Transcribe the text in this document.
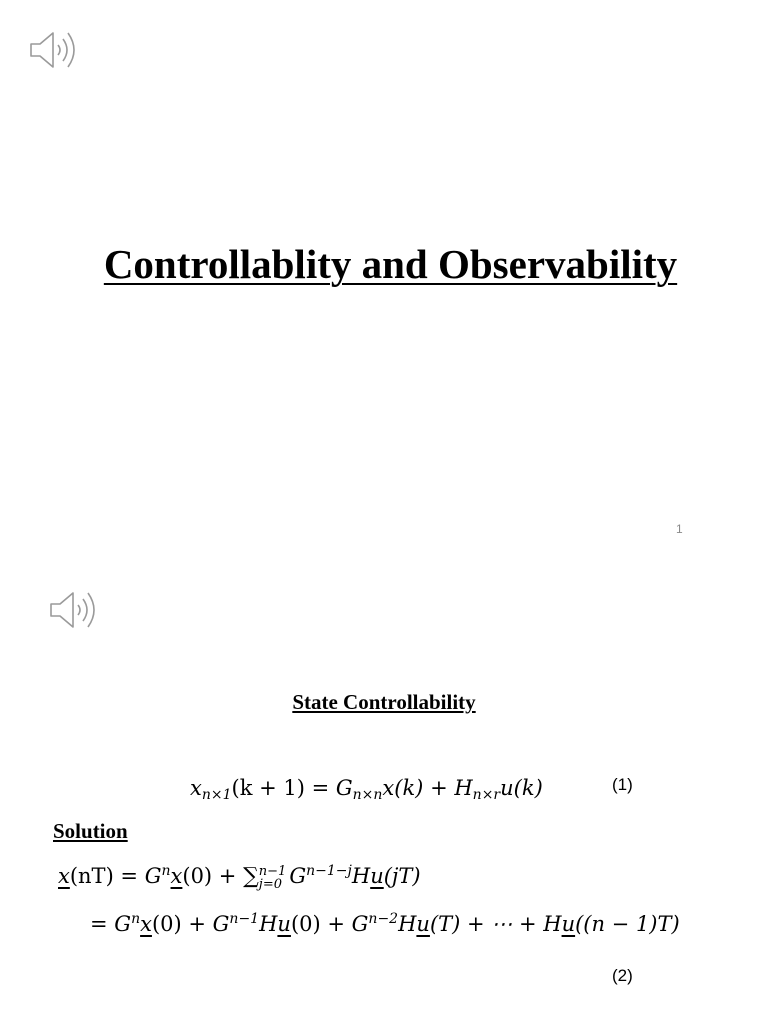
Controllablity and Observability
1
State Controllability
$x_{n\times 1}(k + 1) = G_{n\times n}x(k) + H_{n\times r}u(k)$	(1)
Solution
$x(nT) = G^nx(0)$ + ∑ n−1
j=0 $G^{n-1-j}Hu(jT)$
= $G^nx(0) + G^{n-1}Hu(0) + G^{n-2}Hu(T)$ + ⋯ + Hu((n − 1)T)
(2)
